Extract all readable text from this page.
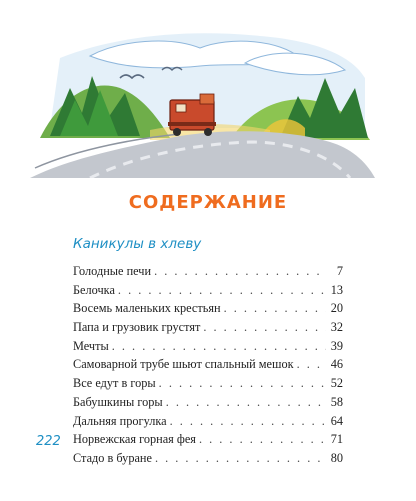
СОДЕРЖАНИЕ
Каникулы в хлеву
Голодные печи . . .	7
Белочка . . .	13
Восемь маленьких крестьян . . .	20
Папа и грузовик грустят . . .	32
Мечты . . .	39
Самоварной трубе шьют спальный мешок . . .	46
Все едут в горы . . .	52
Бабушкины горы . . .	58
Дальняя прогулка . . .	64
Норвежская горная фея . . .	71
Стадо в буране . . .	80
222
